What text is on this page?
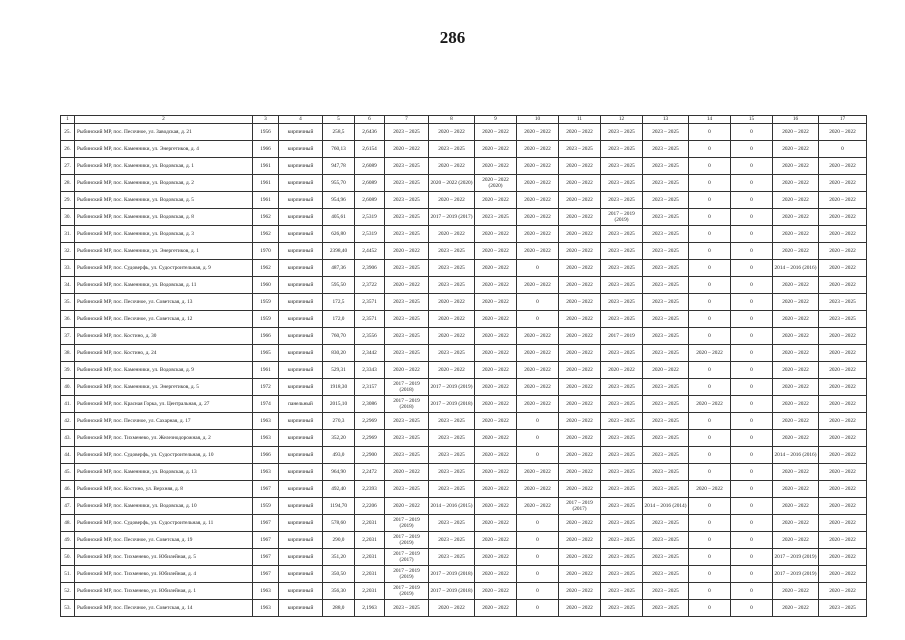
286
1	2	3	4	5	6	7	8	9	10	11	12	13	14	15	16	17
25.	Рыбинский МР, пос. Песочное, ул. Заводская, д. 21	1956	кирпичный	258,5	2,6436	2023 – 2025	2020 – 2022	2020 – 2022	2020 – 2022	2020 – 2022	2023 – 2025	2023 – 2025	0	0	2020 – 2022	2020 – 2022
26.	Рыбинский МР, пос. Каменники, ул. Энергетиков, д. 4	1966	кирпичный	760,13	2,6154	2020 – 2022	2023 – 2025	2020 – 2022	2020 – 2022	2023 – 2025	2023 – 2025	2023 – 2025	0	0	2020 – 2022	0
27.	Рыбинский МР, пос. Каменники, ул. Водовская, д. 1	1961	кирпичный	947,78	2,6089	2023 – 2025	2020 – 2022	2020 – 2022	2020 – 2022	2020 – 2022	2023 – 2025	2023 – 2025	0	0	2020 – 2022	2020 – 2022
28.	Рыбинский МР, пос. Каменники, ул. Водовская, д. 2	1961	кирпичный	955,70	2,6089	2023 – 2025	2020 – 2022 (2020)	2020 – 2022 (2020)	2020 – 2022	2020 – 2022	2023 – 2025	2023 – 2025	0	0	2020 – 2022	2020 – 2022
29.	Рыбинский МР, пос. Каменники, ул. Водовская, д. 5	1961	кирпичный	954,96	2,6089	2023 – 2025	2020 – 2022	2020 – 2022	2020 – 2022	2020 – 2022	2023 – 2025	2023 – 2025	0	0	2020 – 2022	2020 – 2022
30.	Рыбинский МР, пос. Каменники, ул. Водовская, д. 8	1962	кирпичный	405,61	2,5319	2023 – 2025	2017 – 2019 (2017)	2023 – 2025	2020 – 2022	2020 – 2022	2017 – 2019 (2019)	2023 – 2025	0	0	2020 – 2022	2020 – 2022
31.	Рыбинский МР, пос. Каменники, ул. Водовская, д. 3	1962	кирпичный	626,80	2,5319	2023 – 2025	2020 – 2022	2020 – 2022	2020 – 2022	2020 – 2022	2023 – 2025	2023 – 2025	0	0	2020 – 2022	2020 – 2022
32.	Рыбинский МР, пос. Каменники, ул. Энергетиков, д. 1	1970	кирпичный	2398,40	2,4452	2020 – 2022	2023 – 2025	2020 – 2022	2020 – 2022	2020 – 2022	2023 – 2025	2023 – 2025	0	0	2020 – 2022	2020 – 2022
33.	Рыбинский МР, пос. Судоверфь, ул. Судостроительная, д. 9	1962	кирпичный	487,36	2,3906	2023 – 2025	2023 – 2025	2020 – 2022	0	2020 – 2022	2023 – 2025	2023 – 2025	0	0	2014 – 2016 (2016)	2020 – 2022
34.	Рыбинский МР, пос. Каменники, ул. Водовская, д. 11	1960	кирпичный	595,50	2,3722	2020 – 2022	2023 – 2025	2020 – 2022	2020 – 2022	2020 – 2022	2023 – 2025	2023 – 2025	0	0	2020 – 2022	2020 – 2022
35.	Рыбинский МР, пос. Песочное, ул. Советская, д. 13	1959	кирпичный	172,5	2,3571	2023 – 2025	2020 – 2022	2020 – 2022	0	2020 – 2022	2023 – 2025	2023 – 2025	0	0	2020 – 2022	2023 – 2025
36.	Рыбинский МР, пос. Песочное, ул. Советская, д. 12	1959	кирпичный	172,0	2,3571	2023 – 2025	2020 – 2022	2020 – 2022	0	2020 – 2022	2023 – 2025	2023 – 2025	0	0	2020 – 2022	2023 – 2025
37.	Рыбинский МР, пос. Костино, д. 30	1966	кирпичный	760,70	2,3556	2023 – 2025	2020 – 2022	2020 – 2022	2020 – 2022	2020 – 2022	2017 – 2019	2023 – 2025	0	0	2020 – 2022	2020 – 2022
38.	Рыбинский МР, пос. Костино, д. 24	1965	кирпичный	830,20	2,3442	2023 – 2025	2023 – 2025	2020 – 2022	2020 – 2022	2020 – 2022	2023 – 2025	2023 – 2025	2020 – 2022	0	2020 – 2022	2020 – 2022
39.	Рыбинский МР, пос. Каменники, ул. Водовская, д. 9	1961	кирпичный	529,31	2,3343	2020 – 2022	2020 – 2022	2020 – 2022	2020 – 2022	2020 – 2022	2020 – 2022	2020 – 2022	0	0	2020 – 2022	2020 – 2022
40.	Рыбинский МР, пос. Каменники, ул. Энергетиков, д. 5	1972	кирпичный	1918,30	2,3157	2017 – 2019 (2018)	2017 – 2019 (2019)	2020 – 2022	2020 – 2022	2020 – 2022	2023 – 2025	2023 – 2025	0	0	2020 – 2022	2020 – 2022
41.	Рыбинский МР, пос. Красная Горка, ул. Центральная, д. 27	1974	панельный	2015,10	2,3086	2017 – 2019 (2018)	2017 – 2019 (2018)	2020 – 2022	2020 – 2022	2020 – 2022	2023 – 2025	2023 – 2025	2020 – 2022	0	2020 – 2022	2020 – 2022
42.	Рыбинский МР, пос. Песочное, ул. Сахарная, д. 17	1963	кирпичный	270,3	2,2969	2023 – 2025	2023 – 2025	2020 – 2022	0	2020 – 2022	2023 – 2025	2023 – 2025	0	0	2020 – 2022	2020 – 2022
43.	Рыбинский МР, пос. Тихменево, ул. Железнодорожная, д. 2	1963	кирпичный	352,20	2,2969	2023 – 2025	2023 – 2025	2020 – 2022	0	2020 – 2022	2023 – 2025	2023 – 2025	0	0	2020 – 2022	2020 – 2022
44.	Рыбинский МР, пос. Судоверфь, ул. Судостроительная, д. 10	1966	кирпичный	493,0	2,2900	2023 – 2025	2023 – 2025	2020 – 2022	0	2020 – 2022	2023 – 2025	2023 – 2025	0	0	2014 – 2016 (2016)	2020 – 2022
45.	Рыбинский МР, пос. Каменники, ул. Водовская, д. 13	1963	кирпичный	964,90	2,2472	2020 – 2022	2023 – 2025	2020 – 2022	2020 – 2022	2020 – 2022	2023 – 2025	2023 – 2025	0	0	2020 – 2022	2020 – 2022
46.	Рыбинский МР, пос. Костино, ул. Верхняя, д. 8	1967	кирпичный	492,40	2,2393	2023 – 2025	2023 – 2025	2020 – 2022	2020 – 2022	2020 – 2022	2023 – 2025	2023 – 2025	2020 – 2022	0	2020 – 2022	2020 – 2022
47.	Рыбинский МР, пос. Каменники, ул. Водовская, д. 10	1959	кирпичный	1194,70	2,2206	2020 – 2022	2014 – 2016 (2015)	2020 – 2022	2020 – 2022	2017 – 2019 (2017)	2023 – 2025	2014 – 2016 (2014)	0	0	2020 – 2022	2020 – 2022
48.	Рыбинский МР, пос. Судоверфь, ул. Судостроительная, д. 11	1967	кирпичный	578,60	2,2031	2017 – 2019 (2019)	2023 – 2025	2020 – 2022	0	2020 – 2022	2023 – 2025	2023 – 2025	0	0	2020 – 2022	2020 – 2022
49.	Рыбинский МР, пос. Песочное, ул. Советская, д. 19	1967	кирпичный	290,0	2,2031	2017 – 2019 (2019)	2023 – 2025	2020 – 2022	0	2020 – 2022	2023 – 2025	2023 – 2025	0	0	2020 – 2022	2020 – 2022
50.	Рыбинский МР, пос. Тихменево, ул. Юбилейная, д. 5	1967	кирпичный	351,20	2,2031	2017 – 2019 (2017)	2023 – 2025	2020 – 2022	0	2020 – 2022	2023 – 2025	2023 – 2025	0	0	2017 – 2019 (2019)	2020 – 2022
51.	Рыбинский МР, пос. Тихменево, ул. Юбилейная, д. 4	1967	кирпичный	350,50	2,2031	2017 – 2019 (2019)	2017 – 2019 (2018)	2020 – 2022	0	2020 – 2022	2023 – 2025	2023 – 2025	0	0	2017 – 2019 (2019)	2020 – 2022
52.	Рыбинский МР, пос. Тихменево, ул. Юбилейная, д. 1	1963	кирпичный	356,30	2,2031	2017 – 2019 (2019)	2017 – 2019 (2018)	2020 – 2022	0	2020 – 2022	2023 – 2025	2023 – 2025	0	0	2020 – 2022	2020 – 2022
53.	Рыбинский МР, пос. Песочное, ул. Советская, д. 14	1963	кирпичный	288,0	2,1963	2023 – 2025	2020 – 2022	2020 – 2022	0	2020 – 2022	2023 – 2025	2023 – 2025	0	0	2020 – 2022	2023 – 2025
